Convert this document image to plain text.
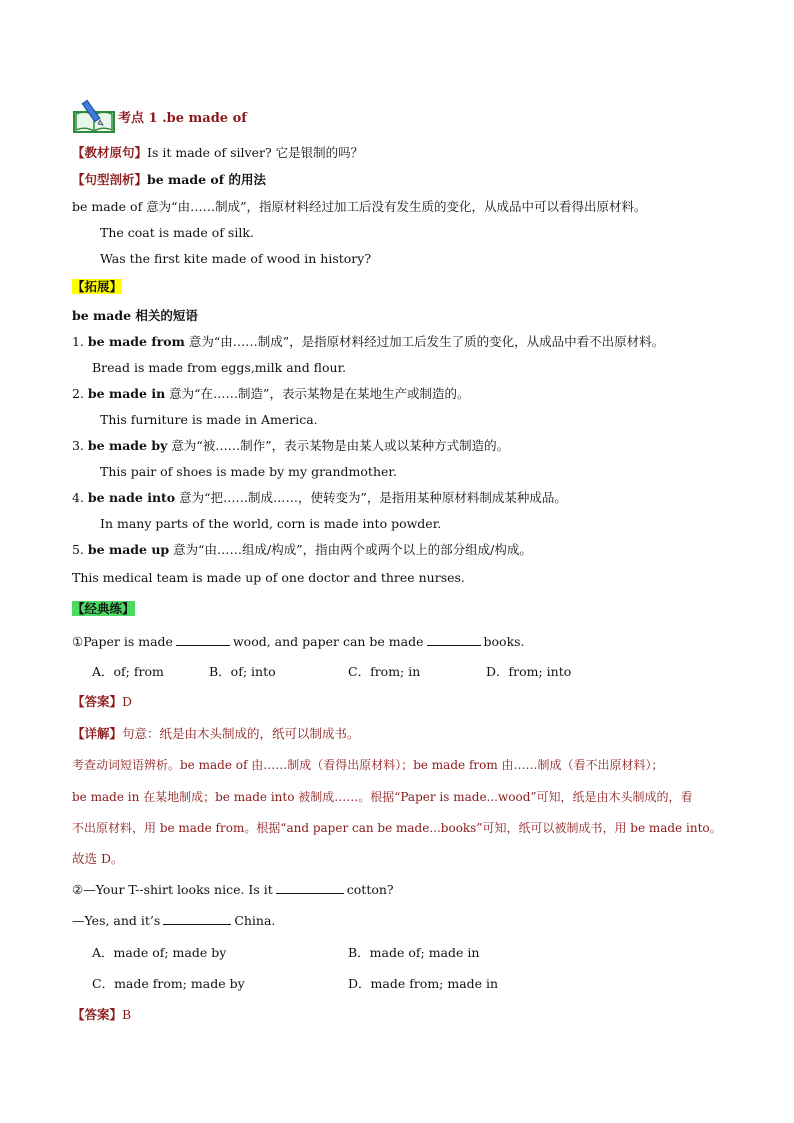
考点 1 .be made of
【教材原句】Is it made of silver? 它是银制的吗？
【句型剖析】be made of 的用法
be made of 意为“由……制成”，指原材料经过加工后没有发生质的变化，从成品中可以看得出原材料。
The coat is made of silk.
Was the first kite made of wood in history?
【拓展】
be made 相关的短语
1. be made from 意为“由……制成”，是指原材料经过加工后发生了质的变化，从成品中看不出原材料。
Bread is made from eggs,milk and flour.
2. be made in 意为“在……制造”，表示某物是在某地生产或制造的。
This furniture is made in America.
3. be made by 意为“被……制作”，表示某物是由某人或以某种方式制造的。
This pair of shoes is made by my grandmother.
4. be nade into 意为“把……制成……，使转变为”，是指用某种原材料制成某种成品。
In many parts of the world, corn is made into powder.
5. be made up 意为“由……组成/构成”，指由两个或两个以上的部分组成/构成。
This medical team is made up of one doctor and three nurses.
【经典练】
①Paper is made	wood, and paper can be made	books.
A．of; from	B．of; into	C．from; in	D．from; into
【答案】D
【详解】句意：纸是由木头制成的，纸可以制成书。
考查动词短语辨析。be made of 由……制成（看得出原材料）；be made from 由……制成（看不出原材料）；
be made in 在某地制成；be made into 被制成……。根据“Paper is made...wood”可知，纸是由木头制成的，看
不出原材料，用 be made from。根据“and paper can be made...books”可知，纸可以被制成书，用 be made into。
故选 D。
②—Your T--shirt looks nice. Is it	cotton?
—Yes, and it’s	China.
A．made of; made by	B．made of; made in
C．made from; made by	D．made from; made in
【答案】B
